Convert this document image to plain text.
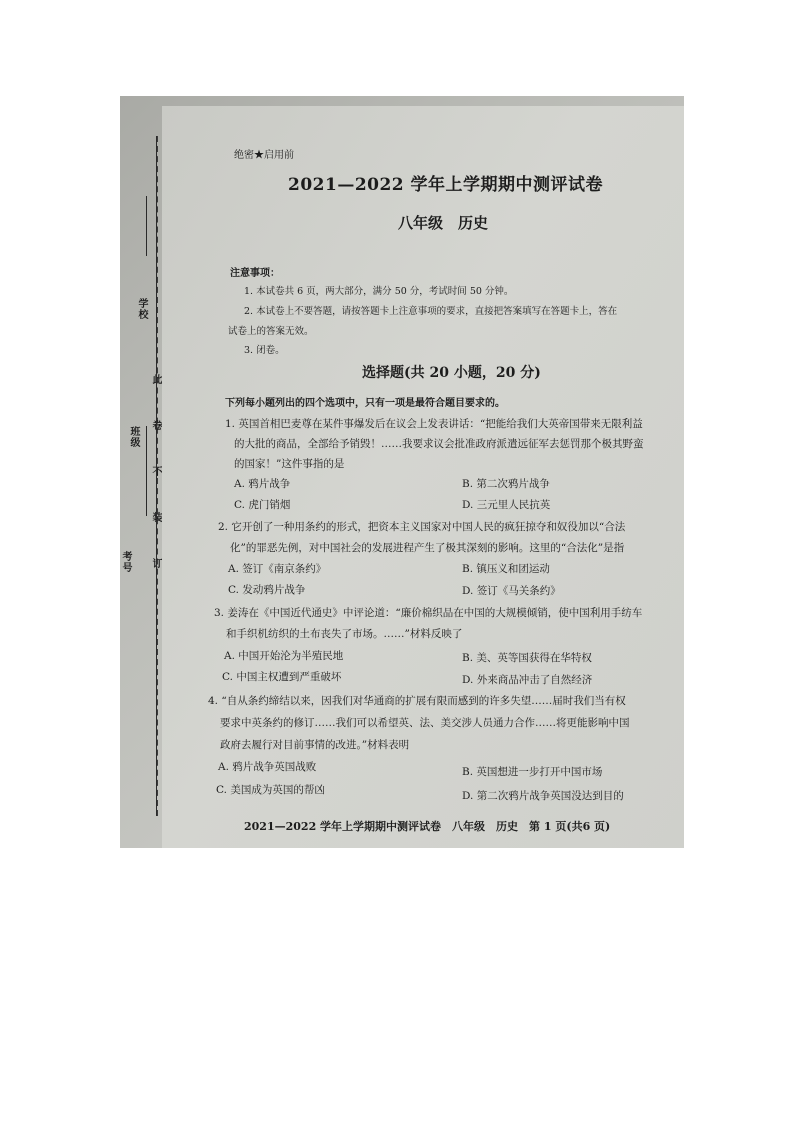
学校
班级
考号 此　卷　不　装　订
绝密★启用前
2021—2022 学年上学期期中测评试卷
八年级　历史
注意事项：
1. 本试卷共 6 页，两大部分，满分 50 分，考试时间 50 分钟。
2. 本试卷上不要答题，请按答题卡上注意事项的要求，直接把答案填写在答题卡上，答在
试卷上的答案无效。
3. 闭卷。
选择题(共 20 小题，20 分)
下列每小题列出的四个选项中，只有一项是最符合题目要求的。
1. 英国首相巴麦尊在某件事爆发后在议会上发表讲话：“把能给我们大英帝国带来无限利益
的大批的商品，全部给予销毁！……我要求议会批准政府派遣远征军去惩罚那个极其野蛮
的国家！”这件事指的是
A. 鸦片战争	B. 第二次鸦片战争
C. 虎门销烟	D. 三元里人民抗英
2. 它开创了一种用条约的形式，把资本主义国家对中国人民的疯狂掠夺和奴役加以“合法
化”的罪恶先例，对中国社会的发展进程产生了极其深刻的影响。这里的“合法化”是指
A. 签订《南京条约》	B. 镇压义和团运动
C. 发动鸦片战争	D. 签订《马关条约》
3. 姜涛在《中国近代通史》中评论道：“廉价棉织品在中国的大规模倾销，使中国利用手纺车
和手织机纺织的土布丧失了市场。……”材料反映了
A. 中国开始沦为半殖民地	B. 美、英等国获得在华特权
C. 中国主权遭到严重破坏	D. 外来商品冲击了自然经济
4. “自从条约缔结以来，因我们对华通商的扩展有限而感到的许多失望……届时我们当有权
要求中英条约的修订……我们可以希望英、法、美交涉人员通力合作……将更能影响中国
政府去履行对目前事情的改进。”材料表明
A. 鸦片战争英国战败	B. 英国想进一步打开中国市场
C. 美国成为英国的帮凶	D. 第二次鸦片战争英国没达到目的
2021—2022 学年上学期期中测评试卷　八年级　历史　第 1 页(共6 页)
